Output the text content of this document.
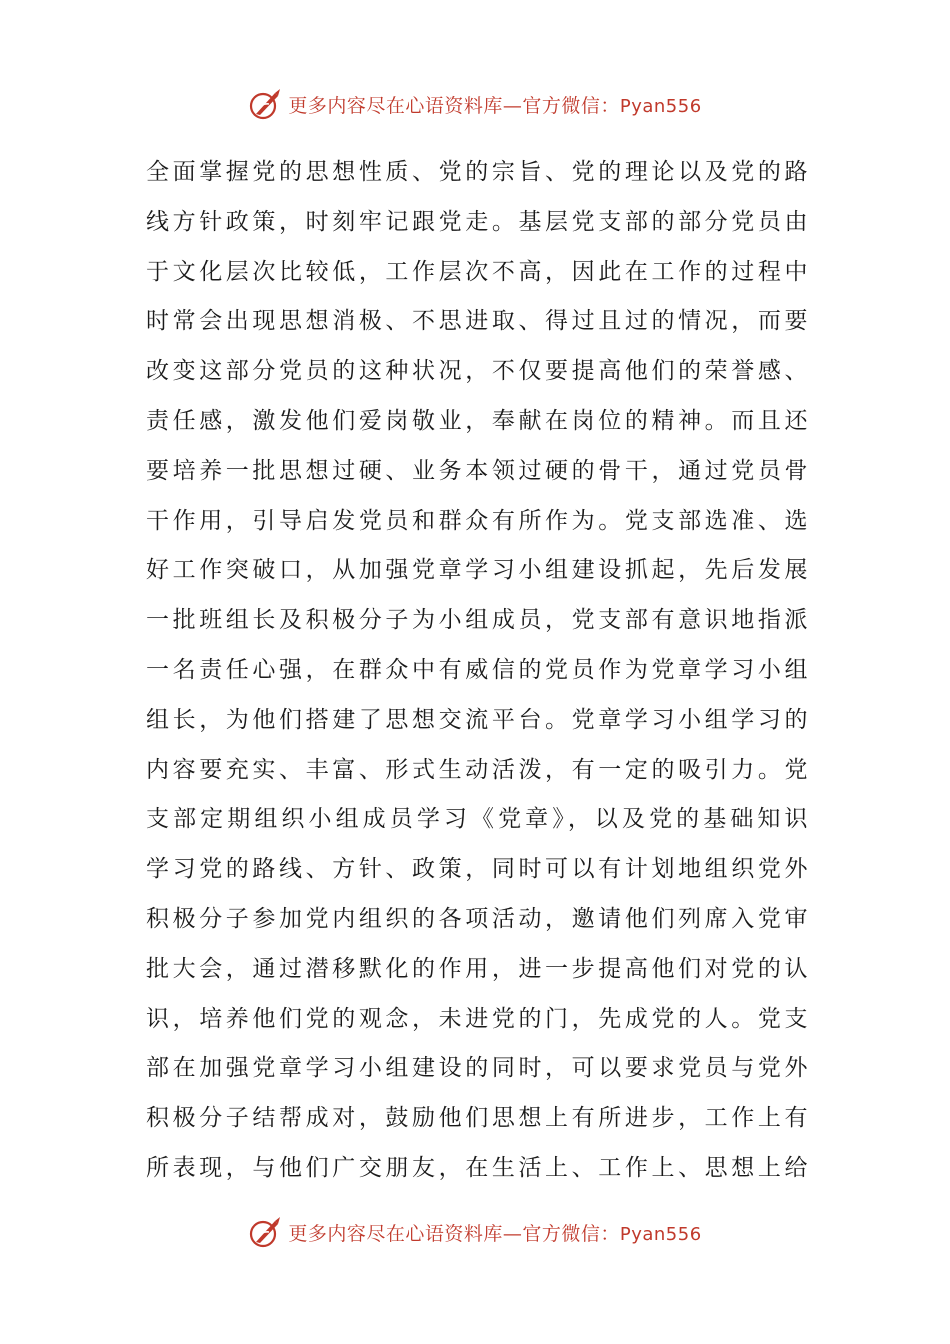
更多内容尽在心语资料库—官方微信：Pyan556
全面掌握党的思想性质、党的宗旨、党的理论以及党的路
线方针政策，时刻牢记跟党走。基层党支部的部分党员由
于文化层次比较低，工作层次不高，因此在工作的过程中
时常会出现思想消极、不思进取、得过且过的情况，而要
改变这部分党员的这种状况，不仅要提高他们的荣誉感、
责任感，激发他们爱岗敬业，奉献在岗位的精神。而且还
要培养一批思想过硬、业务本领过硬的骨干，通过党员骨
干作用，引导启发党员和群众有所作为。党支部选准、选
好工作突破口，从加强党章学习小组建设抓起，先后发展
一批班组长及积极分子为小组成员，党支部有意识地指派
一名责任心强，在群众中有威信的党员作为党章学习小组
组长，为他们搭建了思想交流平台。党章学习小组学习的
内容要充实、丰富、形式生动活泼，有一定的吸引力。党
支部定期组织小组成员学习《党章》，以及党的基础知识
学习党的路线、方针、政策，同时可以有计划地组织党外
积极分子参加党内组织的各项活动，邀请他们列席入党审
批大会，通过潜移默化的作用，进一步提高他们对党的认
识，培养他们党的观念，未进党的门，先成党的人。党支
部在加强党章学习小组建设的同时，可以要求党员与党外
积极分子结帮成对，鼓励他们思想上有所进步，工作上有
所表现，与他们广交朋友，在生活上、工作上、思想上给
更多内容尽在心语资料库—官方微信：Pyan556
